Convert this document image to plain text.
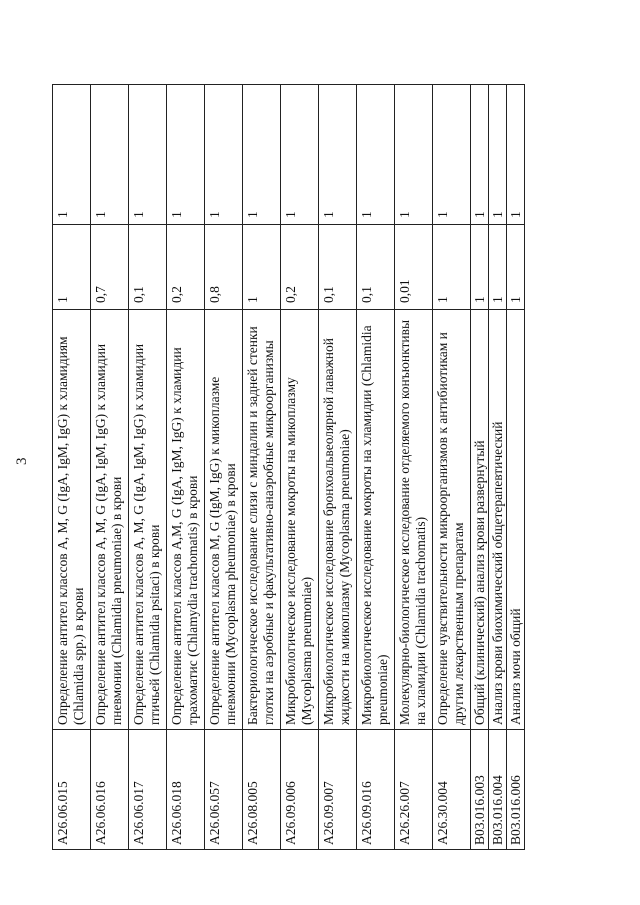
3
A26.06.015	Определение антител классов A, M, G (IgA, IgM, IgG) к хламидиям (Chlamidia spp.) в крови	1	1
A26.06.016	Определение антител классов A, M, G (IgA, IgM, IgG) к хламидии пневмонии (Chlamidia pneumoniae) в крови	0,7	1
A26.06.017	Определение антител классов A, M, G (IgA, IgM, IgG) к хламидии птичьей (Chlamidia psitaci) в крови	0,1	1
A26.06.018	Определение антител классов A,M, G (IgA, IgM, IgG) к хламидии трахоматис (Chlamydia trachomatis) в крови	0,2	1
A26.06.057	Определение антител классов M, G (IgM, IgG) к микоплазме пневмонии (Mycoplasma pheumoniae) в крови	0,8	1
A26.08.005	Бактериологическое исследование слизи с миндалин и задней стенки глотки на аэробные и факультативно-анаэробные микроорганизмы	1	1
A26.09.006	Микробиологическое исследование мокроты на микоплазму (Mycoplasma pneumoniae)	0,2	1
A26.09.007	Микробиологическое исследование бронхоальвеолярной лаважной жидкости на микоплазму (Mycoplasma pneumoniae)	0,1	1
A26.09.016	Микробиологическое исследование мокроты на хламидии (Chlamidia pneumoniae)	0,1	1
A26.26.007	Молекулярно-биологическое исследование отделяемого конъюнктивы на хламидии (Chlamidia trachomatis)	0,01	1
A26.30.004	Определение чувствительности микроорганизмов к антибиотикам и другим лекарственным препаратам	1	1
B03.016.003	Общий (клинический) анализ крови развернутый	1	1
B03.016.004	Анализ крови биохимический общетерапевтический	1	1
B03.016.006	Анализ мочи общий	1	1
